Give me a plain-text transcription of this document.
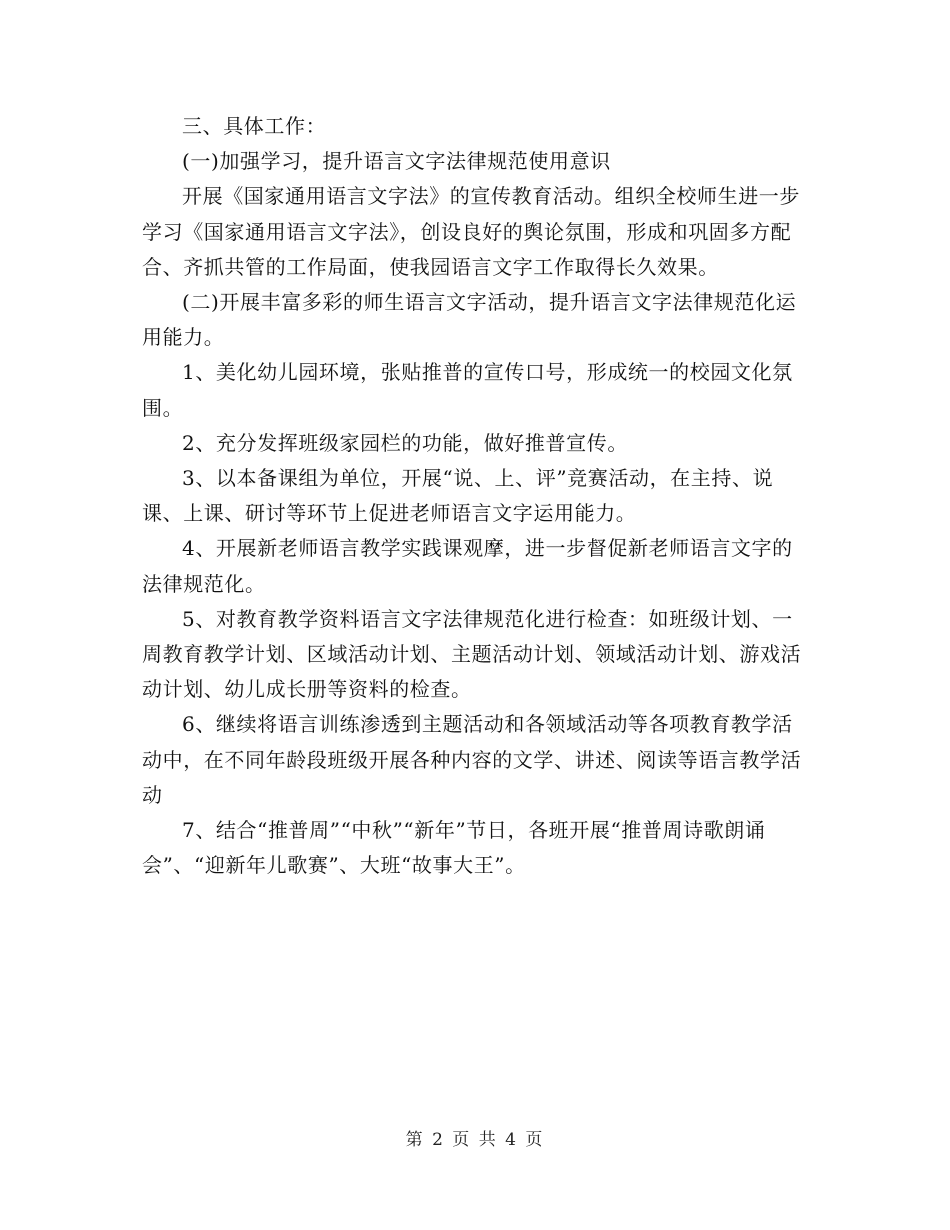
三、具体工作：

(一)加强学习，提升语言文字法律规范使用意识

开展《国家通用语言文字法》的宣传教育活动。组织全校师生进一步学习《国家通用语言文字法》，创设良好的舆论氛围，形成和巩固多方配合、齐抓共管的工作局面，使我园语言文字工作取得长久效果。

(二)开展丰富多彩的师生语言文字活动，提升语言文字法律规范化运用能力。

1、美化幼儿园环境，张贴推普的宣传口号，形成统一的校园文化氛围。

2、充分发挥班级家园栏的功能，做好推普宣传。

3、以本备课组为单位，开展“说、上、评”竞赛活动，在主持、说课、上课、研讨等环节上促进老师语言文字运用能力。

4、开展新老师语言教学实践课观摩，进一步督促新老师语言文字的法律规范化。

5、对教育教学资料语言文字法律规范化进行检查：如班级计划、一周教育教学计划、区域活动计划、主题活动计划、领域活动计划、游戏活动计划、幼儿成长册等资料的检查。

6、继续将语言训练渗透到主题活动和各领域活动等各项教育教学活动中，在不同年龄段班级开展各种内容的文学、讲述、阅读等语言教学活动

7、结合“推普周”“中秋”“新年”节日，各班开展“推普周诗歌朗诵会”、“迎新年儿歌赛”、大班“故事大王”。

第 2 页 共 4 页
